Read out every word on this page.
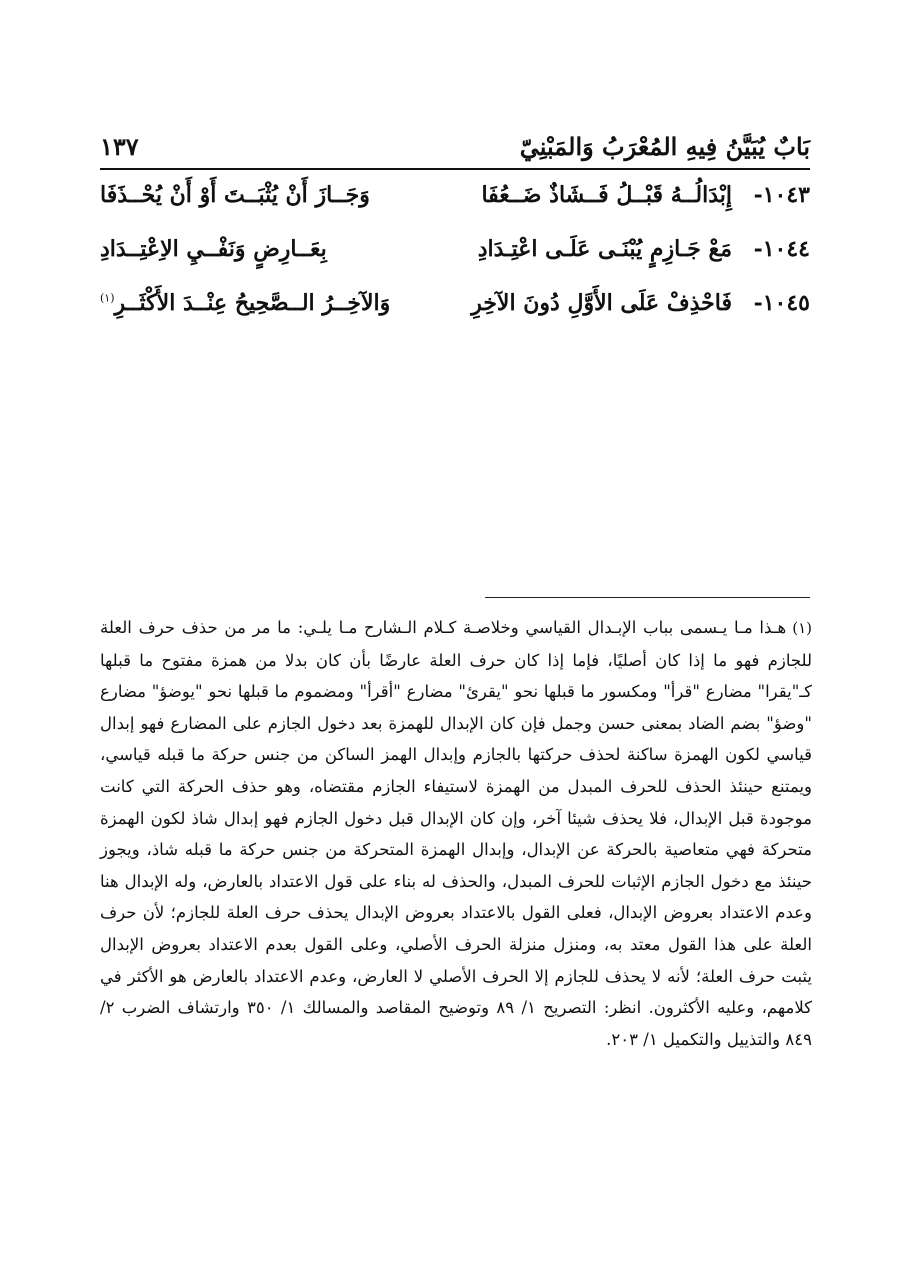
بَابٌ يُبَيَّنُ فِيهِ المُعْرَبُ وَالمَبْنِيّ
١٣٧
١٠٤٣-
إِبْدَالُــهُ قَبْــلُ فَــشَاذٌ ضَــعُفَا
وَجَــازَ أَنْ يُثْبَــتَ أَوْ أَنْ يُحْــذَفَا
١٠٤٤-
مَعْ جَـازِمٍ يُبْنَـى عَلَـى اعْتِـدَادِ
بِعَــارِضٍ وَنَفْــيِ الاِعْتِــدَادِ
١٠٤٥-
فَاحْذِفْ عَلَى الأَوَّلِ دُونَ الآخِرِ
وَالآخِــرُ الــصَّحِيحُ عِنْــدَ الأَكْثَــرِ$^{(١)}$
(١)هـذا مـا يـسمى بباب الإبـدال القياسي وخلاصـة كـلام الـشارح مـا يلـي: ما مر من حذف حرف العلة للجازم فهو ما إذا كان أصليًا، فإما إذا كان حرف العلة عارضًا بأن كان بدلا من همزة مفتوح ما قبلها كـ"يقرا" مضارع "قرأ" ومكسور ما قبلها نحو "يقرئ" مضارع "أقرأ" ومضموم ما قبلها نحو "يوضؤ" مضارع "وضؤ" بضم الضاد بمعنى حسن وجمل فإن كان الإبدال للهمزة بعد دخول الجازم على المضارع فهو إبدال قياسي لكون الهمزة ساكنة لحذف حركتها بالجازم وإبدال الهمز الساكن من جنس حركة ما قبله قياسي، ويمتنع حينئذ الحذف للحرف المبدل من الهمزة لاستيفاء الجازم مقتضاه، وهو حذف الحركة التي كانت موجودة قبل الإبدال، فلا يحذف شيئا آخر، وإن كان الإبدال قبل دخول الجازم فهو إبدال شاذ لكون الهمزة متحركة فهي متعاصية بالحركة عن الإبدال، وإبدال الهمزة المتحركة من جنس حركة ما قبله شاذ، ويجوز حينئذ مع دخول الجازم الإثبات للحرف المبدل، والحذف له بناء على قول الاعتداد بالعارض، وله الإبدال هنا وعدم الاعتداد بعروض الإبدال، فعلى القول بالاعتداد بعروض الإبدال يحذف حرف العلة للجازم؛ لأن حرف العلة على هذا القول معتد به، ومنزل منزلة الحرف الأصلي، وعلى القول بعدم الاعتداد بعروض الإبدال يثبت حرف العلة؛ لأنه لا يحذف للجازم إلا الحرف الأصلي لا العارض، وعدم الاعتداد بالعارض هو الأكثر في كلامهم، وعليه الأكثرون. انظر: التصريح ١/ ٨٩ وتوضيح المقاصد والمسالك ١/ ٣٥٠ وارتشاف الضرب ٢/ ٨٤٩ والتذييل والتكميل ١/ ٢٠٣.
